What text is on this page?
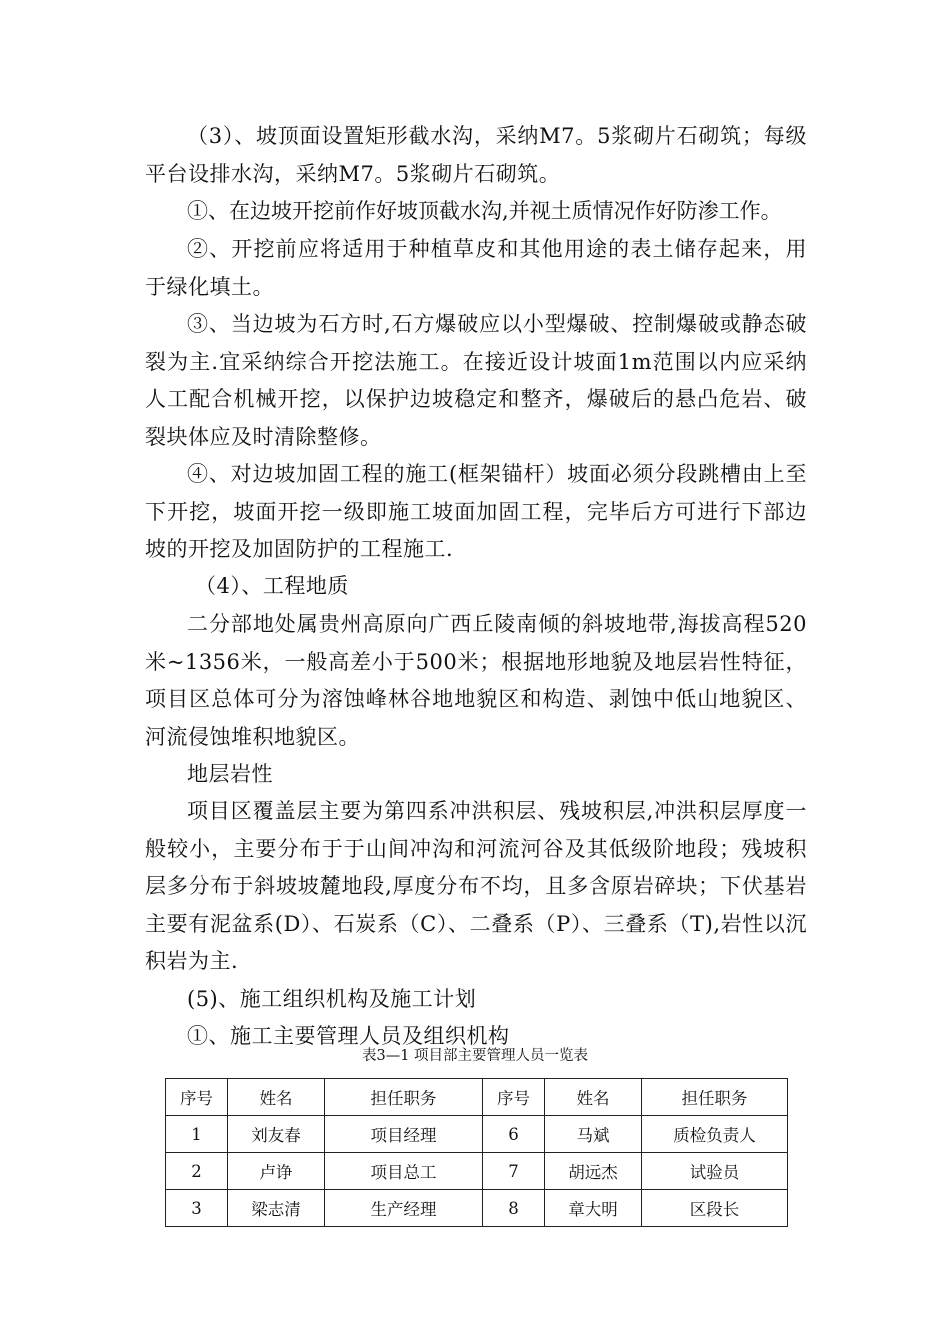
（3）、坡顶面设置矩形截水沟，采纳M7。5浆砌片石砌筑；每级平台设排水沟，采纳M7。5浆砌片石砌筑。

①、在边坡开挖前作好坡顶截水沟,并视土质情况作好防渗工作。

②、开挖前应将适用于种植草皮和其他用途的表土储存起来，用于绿化填土。

③、当边坡为石方时,石方爆破应以小型爆破、控制爆破或静态破裂为主.宜采纳综合开挖法施工。在接近设计坡面1m范围以内应采纳人工配合机械开挖，以保护边坡稳定和整齐，爆破后的悬凸危岩、破裂块体应及时清除整修。

④、对边坡加固工程的施工(框架锚杆）坡面必须分段跳槽由上至下开挖，坡面开挖一级即施工坡面加固工程，完毕后方可进行下部边坡的开挖及加固防护的工程施工.

（4）、工程地质

二分部地处属贵州高原向广西丘陵南倾的斜坡地带,海拔高程520米~1356米，一般高差小于500米；根据地形地貌及地层岩性特征，项目区总体可分为溶蚀峰林谷地地貌区和构造、剥蚀中低山地貌区、河流侵蚀堆积地貌区。

地层岩性

项目区覆盖层主要为第四系冲洪积层、残坡积层,冲洪积层厚度一般较小，主要分布于于山间冲沟和河流河谷及其低级阶地段；残坡积层多分布于斜坡坡麓地段,厚度分布不均，且多含原岩碎块；下伏基岩主要有泥盆系(D）、石炭系（C）、二叠系（P）、三叠系（T),岩性以沉积岩为主.

(5)、施工组织机构及施工计划

①、施工主要管理人员及组织机构

表3—1 项目部主要管理人员一览表

序号	姓名	担任职务	序号	姓名	担任职务
1	刘友春	项目经理	6	马斌	质检负责人
2	卢诤	项目总工	7	胡远杰	试验员
3	梁志清	生产经理	8	章大明	区段长
